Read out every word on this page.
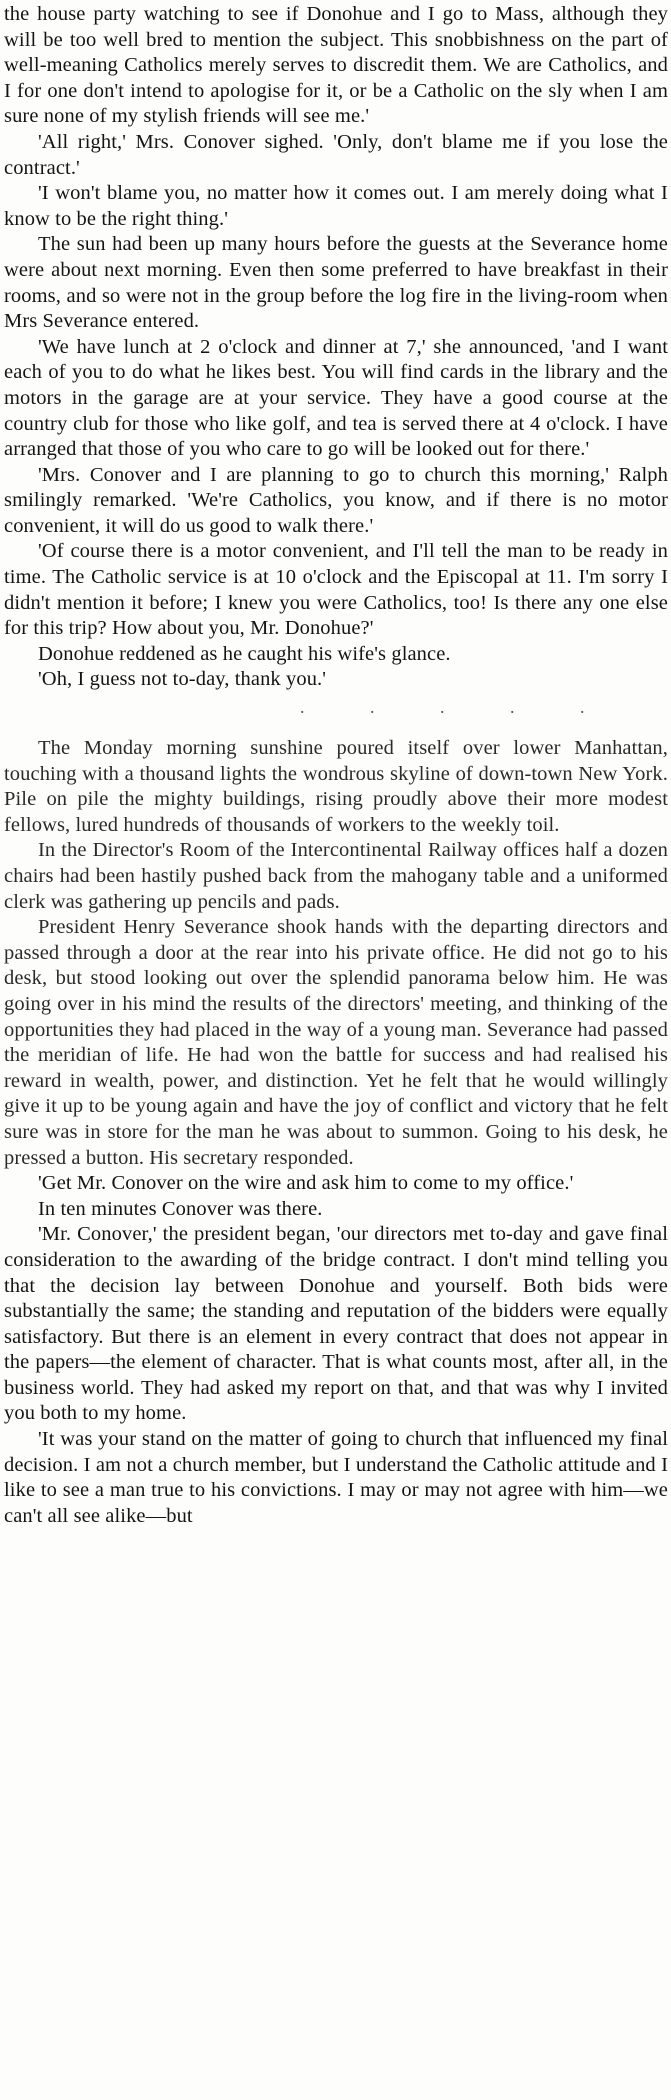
the house party watching to see if Donohue and I go to Mass, although they will be too well bred to mention the subject. This snobbishness on the part of well-meaning Catholics merely serves to discredit them. We are Catholics, and I for one don't intend to apologise for it, or be a Catholic on the sly when I am sure none of my stylish friends will see me.'

'All right,' Mrs. Conover sighed. 'Only, don't blame me if you lose the contract.'

'I won't blame you, no matter how it comes out. I am merely doing what I know to be the right thing.'

The sun had been up many hours before the guests at the Severance home were about next morning. Even then some preferred to have breakfast in their rooms, and so were not in the group before the log fire in the living-room when Mrs Severance entered.

'We have lunch at 2 o'clock and dinner at 7,' she announced, 'and I want each of you to do what he likes best. You will find cards in the library and the motors in the garage are at your service. They have a good course at the country club for those who like golf, and tea is served there at 4 o'clock. I have arranged that those of you who care to go will be looked out for there.'

'Mrs. Conover and I are planning to go to church this morning,' Ralph smilingly remarked. 'We're Catholics, you know, and if there is no motor convenient, it will do us good to walk there.'

'Of course there is a motor convenient, and I'll tell the man to be ready in time. The Catholic service is at 10 o'clock and the Episcopal at 11. I'm sorry I didn't mention it before; I knew you were Catholics, too! Is there any one else for this trip? How about you, Mr. Donohue?'

Donohue reddened as he caught his wife's glance.

'Oh, I guess not to-day, thank you.'

.	.	.	.	.

The Monday morning sunshine poured itself over lower Manhattan, touching with a thousand lights the wondrous skyline of down-town New York. Pile on pile the mighty buildings, rising proudly above their more modest fellows, lured hundreds of thousands of workers to the weekly toil.

In the Director's Room of the Intercontinental Railway offices half a dozen chairs had been hastily pushed back from the mahogany table and a uniformed clerk was gathering up pencils and pads.

President Henry Severance shook hands with the departing directors and passed through a door at the rear into his private office. He did not go to his desk, but stood looking out over the splendid panorama below him. He was going over in his mind the results of the directors' meeting, and thinking of the opportunities they had placed in the way of a young man. Severance had passed the meridian of life. He had won the battle for success and had realised his reward in wealth, power, and distinction. Yet he felt that he would willingly give it up to be young again and have the joy of conflict and victory that he felt sure was in store for the man he was about to summon. Going to his desk, he pressed a button. His secretary responded.

'Get Mr. Conover on the wire and ask him to come to my office.'

In ten minutes Conover was there.

'Mr. Conover,' the president began, 'our directors met to-day and gave final consideration to the awarding of the bridge contract. I don't mind telling you that the decision lay between Donohue and yourself. Both bids were substantially the same; the standing and reputation of the bidders were equally satisfactory. But there is an element in every contract that does not appear in the papers—the element of character. That is what counts most, after all, in the business world. They had asked my report on that, and that was why I invited you both to my home.

'It was your stand on the matter of going to church that influenced my final decision. I am not a church member, but I understand the Catholic attitude and I like to see a man true to his convictions. I may or may not agree with him—we can't all see alike—but
